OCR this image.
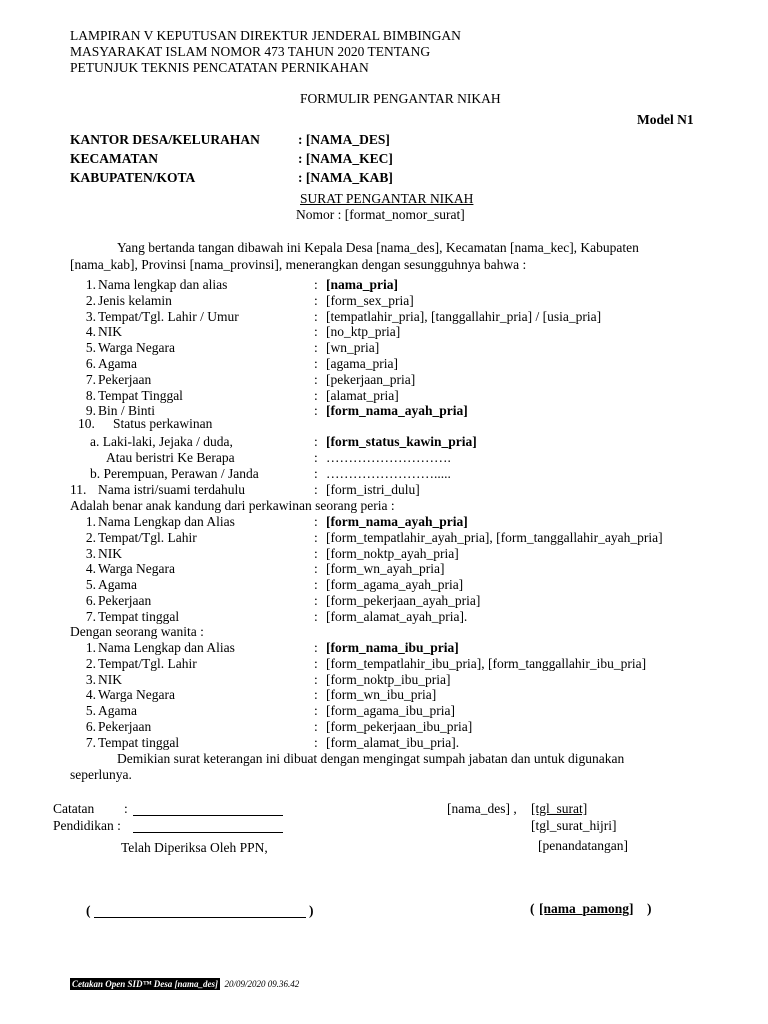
LAMPIRAN V KEPUTUSAN DIREKTUR JENDERAL BIMBINGAN
MASYARAKAT ISLAM NOMOR 473 TAHUN 2020 TENTANG
PETUNJUK TEKNIS PENCATATAN PERNIKAHAN
FORMULIR PENGANTAR NIKAH
Model N1
KANTOR DESA/KELURAHAN	: [NAMA_DES]
KECAMATAN	: [NAMA_KEC]
KABUPATEN/KOTA	: [NAMA_KAB]
SURAT PENGANTAR NIKAH
Nomor : [format_nomor_surat]
Yang bertanda tangan dibawah ini Kepala Desa [nama_des], Kecamatan [nama_kec], Kabupaten
[nama_kab], Provinsi [nama_provinsi], menerangkan dengan sesungguhnya bahwa :
1. Nama lengkap dan alias	: [nama_pria]
2. Jenis kelamin	: [form_sex_pria]
3. Tempat/Tgl. Lahir / Umur	: [tempatlahir_pria], [tanggallahir_pria] / [usia_pria]
4. NIK	: [no_ktp_pria]
5. Warga Negara	: [wn_pria]
6. Agama	: [agama_pria]
7. Pekerjaan	: [pekerjaan_pria]
8. Tempat Tinggal	: [alamat_pria]
9. Bin / Binti	: [form_nama_ayah_pria]
10. Status perkawinan
a. Laki-laki, Jejaka / duda,	: [form_status_kawin_pria]
Atau beristri Ke Berapa	: ……………………….
b. Perempuan, Perawan / Janda	: …………………….....
11. Nama istri/suami terdahulu	: [form_istri_dulu]
Adalah benar anak kandung dari perkawinan seorang peria :
1. Nama Lengkap dan Alias	: [form_nama_ayah_pria]
2. Tempat/Tgl. Lahir	: [form_tempatlahir_ayah_pria], [form_tanggallahir_ayah_pria]
3. NIK	: [form_noktp_ayah_pria]
4. Warga Negara	: [form_wn_ayah_pria]
5. Agama	: [form_agama_ayah_pria]
6. Pekerjaan	: [form_pekerjaan_ayah_pria]
7. Tempat tinggal	: [form_alamat_ayah_pria].
Dengan seorang wanita :
1. Nama Lengkap dan Alias	: [form_nama_ibu_pria]
2. Tempat/Tgl. Lahir	: [form_tempatlahir_ibu_pria], [form_tanggallahir_ibu_pria]
3. NIK	: [form_noktp_ibu_pria]
4. Warga Negara	: [form_wn_ibu_pria]
5. Agama	: [form_agama_ibu_pria]
6. Pekerjaan	: [form_pekerjaan_ibu_pria]
7. Tempat tinggal	: [form_alamat_ibu_pria].
Demikian surat keterangan ini dibuat dengan mengingat sumpah jabatan dan untuk digunakan
seperlunya.
Catatan :
Pendidikan :
[nama_des] , [tgl_surat]
[tgl_surat_hijri]
Telah Diperiksa Oleh PPN,	[penandatangan]
(	)	( [nama_pamong] )
Cetakan Open SID™ Desa [nama_des] 20/09/2020 09.36.42
